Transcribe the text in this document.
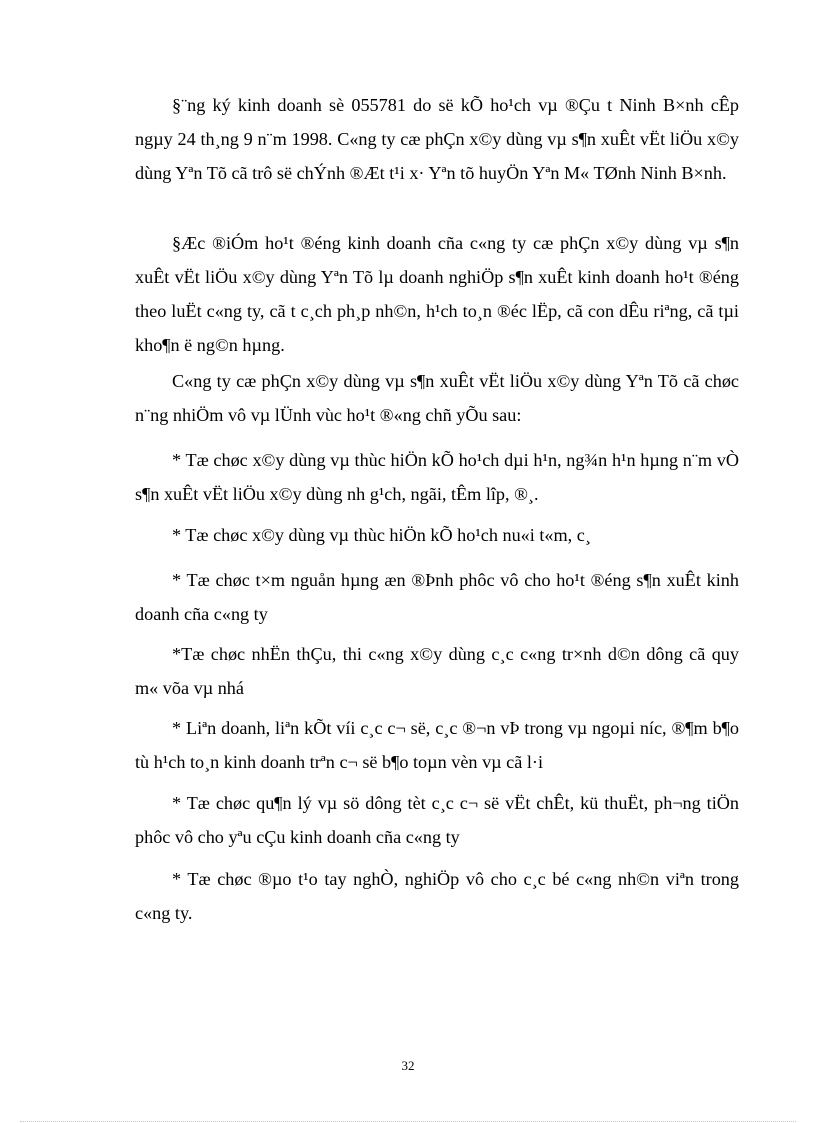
§¨ng ký kinh doanh sè 055781 do së kÕ ho¹ch vµ ®Çu t Ninh B×nh cÊp ngµy 24 th¸ng 9 n¨m 1998. C«ng ty cæ phÇn x©y dùng vµ s¶n xuÊt vËt liÖu x©y dùng Yªn Tõ cã trô së chÝnh ®Æt t¹i x· Yªn tõ huyÖn Yªn M« TØnh Ninh B×nh.

§Æc ®iÓm ho¹t ®éng kinh doanh cña c«ng ty cæ phÇn x©y dùng vµ s¶n xuÊt vËt liÖu x©y dùng Yªn Tõ lµ doanh nghiÖp s¶n xuÊt kinh doanh ho¹t ®éng theo luËt c«ng ty, cã t c¸ch ph¸p nh©n, h¹ch to¸n ®éc lËp, cã con dÊu riªng, cã tµi kho¶n ë ng©n hµng.

C«ng ty cæ phÇn x©y dùng vµ s¶n xuÊt vËt liÖu x©y dùng Yªn Tõ cã chøc n¨ng nhiÖm vô vµ lÜnh vùc ho¹t ®«ng chñ yÕu sau:

* Tæ chøc x©y dùng vµ thùc hiÖn kÕ ho¹ch dµi h¹n, ng¾n h¹n hµng n¨m vÒ s¶n xuÊt vËt liÖu x©y dùng nh g¹ch, ngãi, tÊm lîp, ®¸.

* Tæ chøc x©y dùng vµ thùc hiÖn kÕ ho¹ch nu«i t«m, c¸

* Tæ chøc t×m nguån hµng æn ®Þnh phôc vô cho ho¹t ®éng s¶n xuÊt kinh doanh cña c«ng ty

*Tæ chøc nhËn thÇu, thi c«ng x©y dùng c¸c c«ng tr×nh d©n dông cã quy m« võa vµ nhá

* Liªn doanh, liªn kÕt víi c¸c c¬ së, c¸c ®¬n vÞ trong vµ ngoµi níc, ®¶m b¶o tù h¹ch to¸n kinh doanh trªn c¬ së b¶o toµn vèn vµ cã l·i

* Tæ chøc qu¶n lý vµ sö dông tèt c¸c c¬ së vËt chÊt, kü thuËt, ph¬ng tiÖn phôc vô cho yªu cÇu kinh doanh cña c«ng ty

* Tæ chøc ®µo t¹o tay nghÒ, nghiÖp vô cho c¸c bé c«ng nh©n viªn trong c«ng ty.

32
